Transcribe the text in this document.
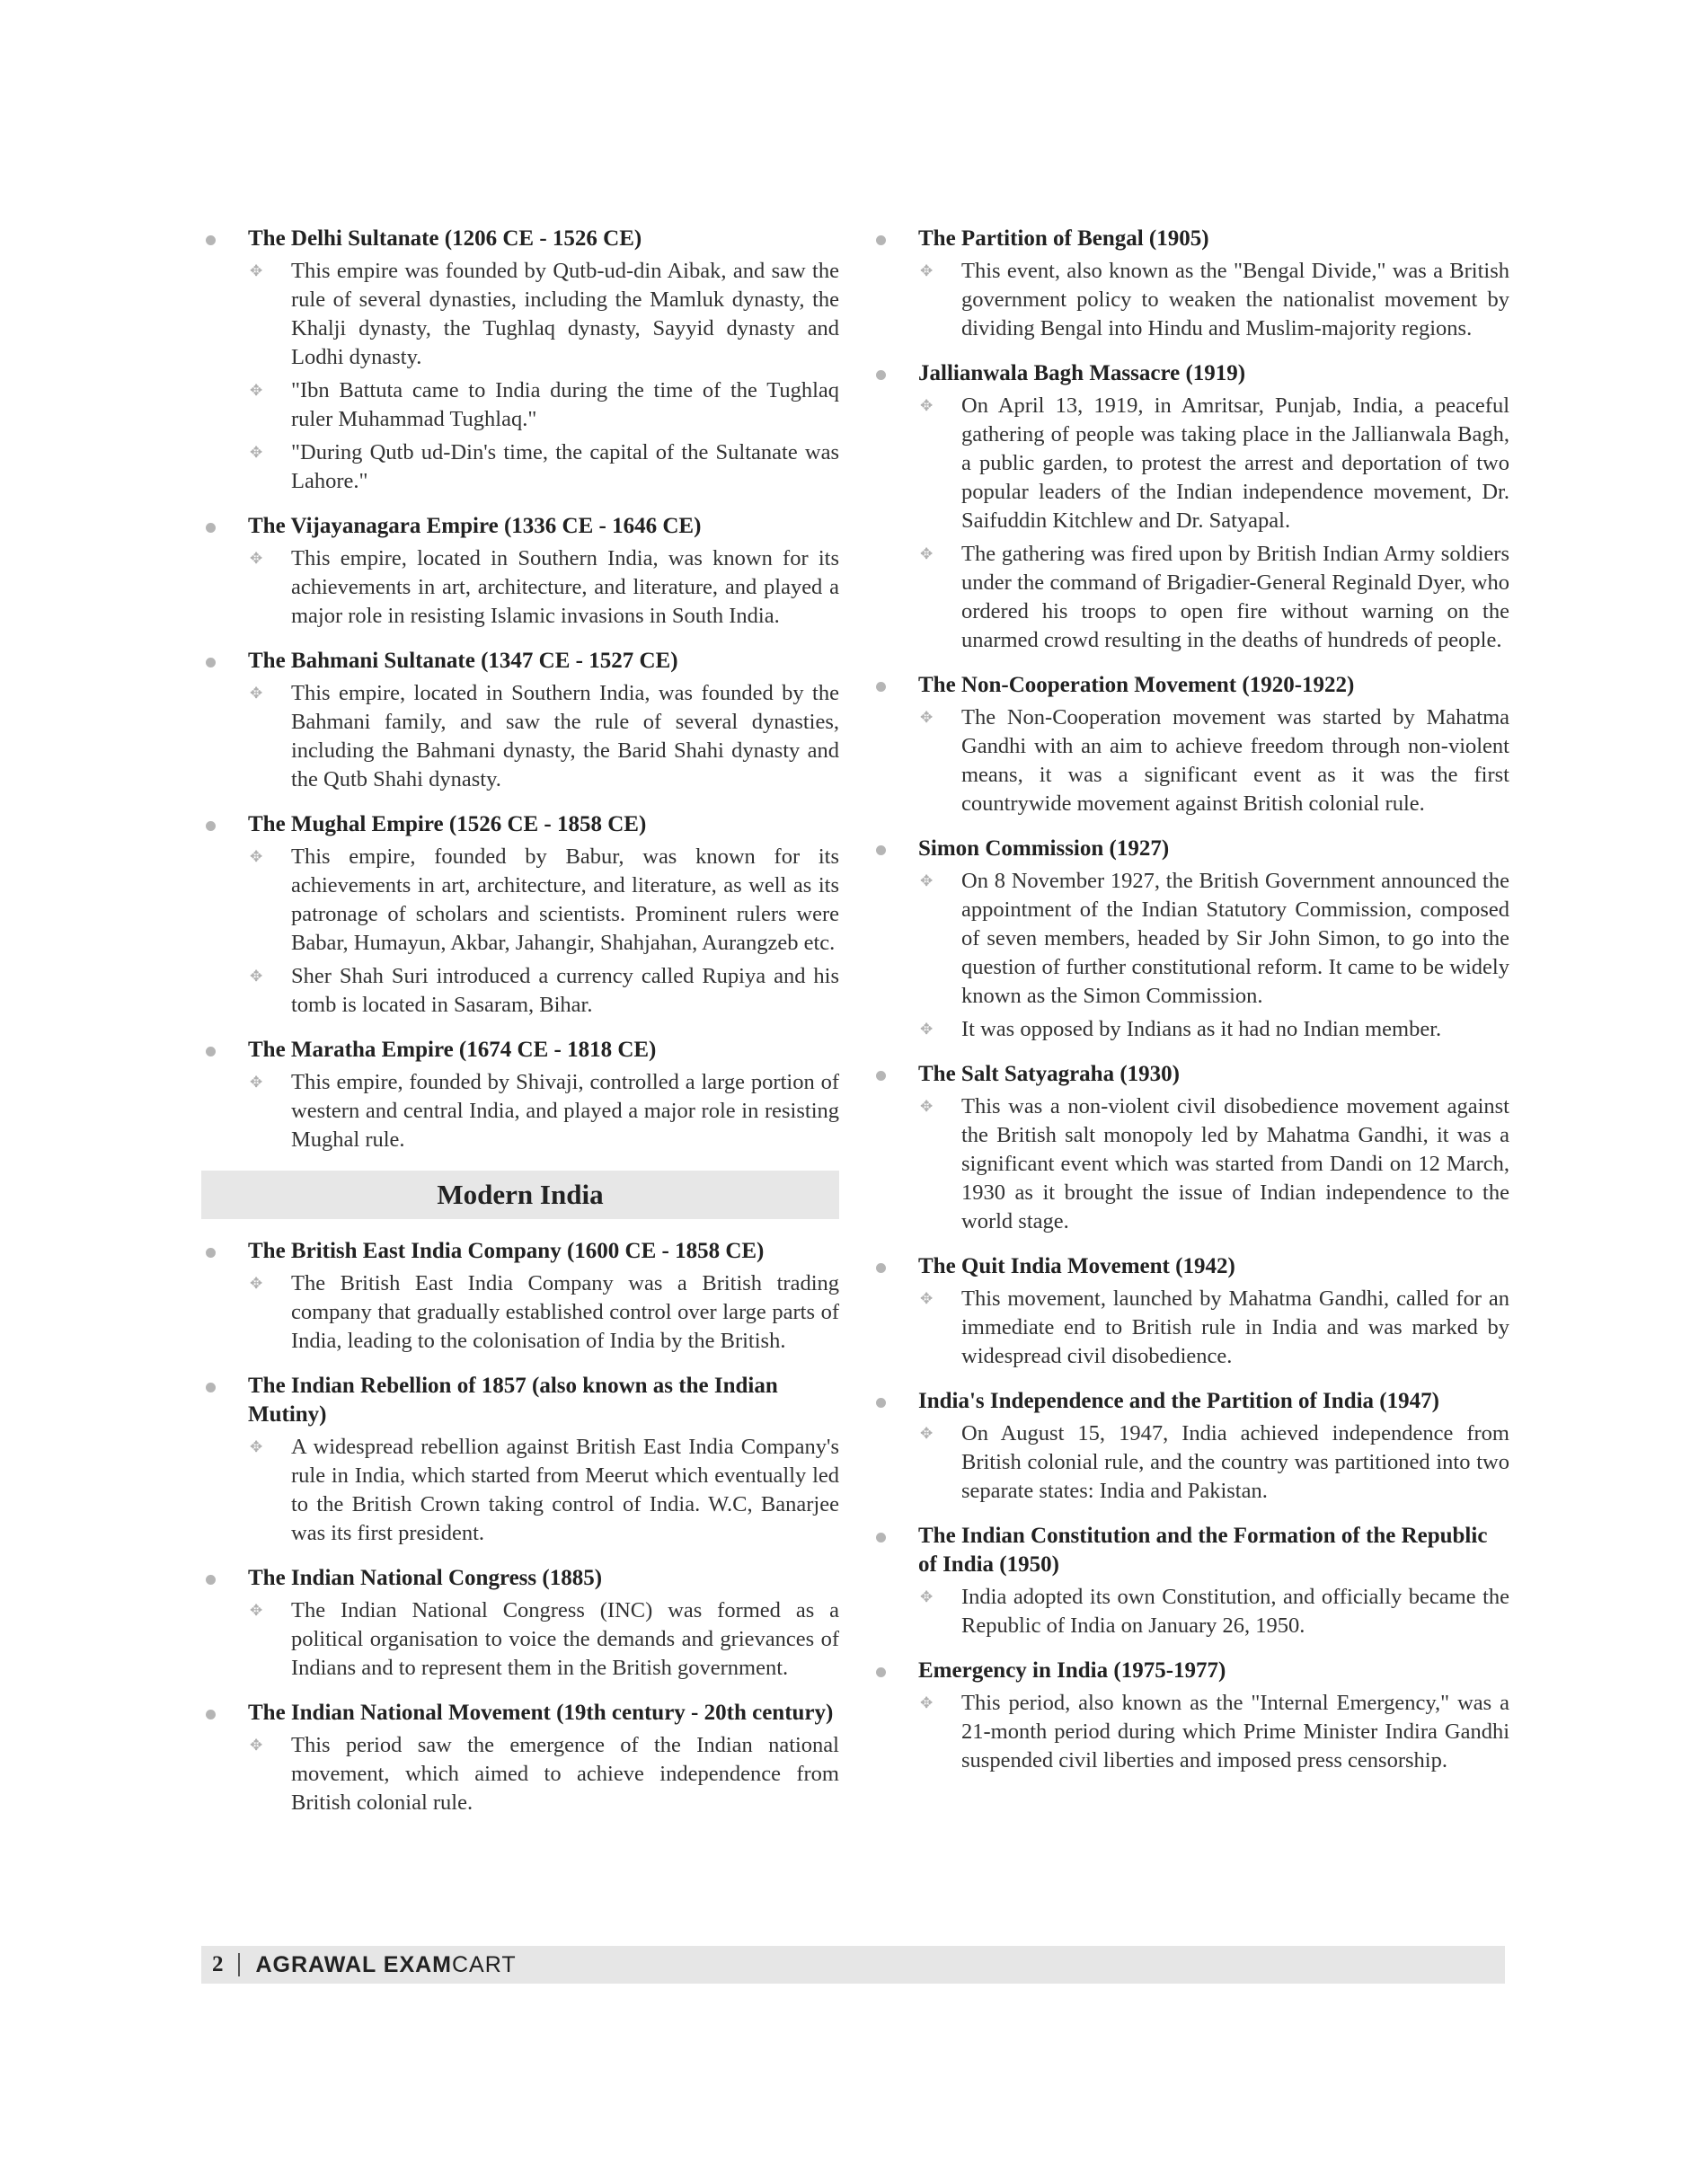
The Delhi Sultanate (1206 CE - 1526 CE)
✥ This empire was founded by Qutb-ud-din Aibak, and saw the rule of several dynasties, including the Mamluk dynasty, the Khalji dynasty, the Tughlaq dynasty, Sayyid dynasty and Lodhi dynasty.
✥ "Ibn Battuta came to India during the time of the Tughlaq ruler Muhammad Tughlaq."
✥ "During Qutb ud-Din's time, the capital of the Sultanate was Lahore."
The Vijayanagara Empire (1336 CE - 1646 CE)
✥ This empire, located in Southern India, was known for its achievements in art, architecture, and literature, and played a major role in resisting Islamic invasions in South India.
The Bahmani Sultanate (1347 CE - 1527 CE)
✥ This empire, located in Southern India, was founded by the Bahmani family, and saw the rule of several dynasties, including the Bahmani dynasty, the Barid Shahi dynasty and the Qutb Shahi dynasty.
The Mughal Empire (1526 CE - 1858 CE)
✥ This empire, founded by Babur, was known for its achievements in art, architecture, and literature, as well as its patronage of scholars and scientists. Prominent rulers were Babar, Humayun, Akbar, Jahangir, Shahjahan, Aurangzeb etc.
✥ Sher Shah Suri introduced a currency called Rupiya and his tomb is located in Sasaram, Bihar.
The Maratha Empire (1674 CE - 1818 CE)
✥ This empire, founded by Shivaji, controlled a large portion of western and central India, and played a major role in resisting Mughal rule.
Modern India
The British East India Company (1600 CE - 1858 CE)
✥ The British East India Company was a British trading company that gradually established control over large parts of India, leading to the colonisation of India by the British.
The Indian Rebellion of 1857 (also known as the Indian Mutiny)
✥ A widespread rebellion against British East India Company's rule in India, which started from Meerut which eventually led to the British Crown taking control of India. W.C, Banarjee was its first president.
The Indian National Congress (1885)
✥ The Indian National Congress (INC) was formed as a political organisation to voice the demands and grievances of Indians and to represent them in the British government.
The Indian National Movement (19th century - 20th century)
✥ This period saw the emergence of the Indian national movement, which aimed to achieve independence from British colonial rule.
The Partition of Bengal (1905)
✥ This event, also known as the "Bengal Divide," was a British government policy to weaken the nationalist movement by dividing Bengal into Hindu and Muslim-majority regions.
Jallianwala Bagh Massacre (1919)
✥ On April 13, 1919, in Amritsar, Punjab, India, a peaceful gathering of people was taking place in the Jallianwala Bagh, a public garden, to protest the arrest and deportation of two popular leaders of the Indian independence movement, Dr. Saifuddin Kitchlew and Dr. Satyapal.
✥ The gathering was fired upon by British Indian Army soldiers under the command of Brigadier-General Reginald Dyer, who ordered his troops to open fire without warning on the unarmed crowd resulting in the deaths of hundreds of people.
The Non-Cooperation Movement (1920-1922)
✥ The Non-Cooperation movement was started by Mahatma Gandhi with an aim to achieve freedom through non-violent means, it was a significant event as it was the first countrywide movement against British colonial rule.
Simon Commission (1927)
✥ On 8 November 1927, the British Government announced the appointment of the Indian Statutory Commission, composed of seven members, headed by Sir John Simon, to go into the question of further constitutional reform. It came to be widely known as the Simon Commission.
✥ It was opposed by Indians as it had no Indian member.
The Salt Satyagraha (1930)
✥ This was a non-violent civil disobedience movement against the British salt monopoly led by Mahatma Gandhi, it was a significant event which was started from Dandi on 12 March, 1930 as it brought the issue of Indian independence to the world stage.
The Quit India Movement (1942)
✥ This movement, launched by Mahatma Gandhi, called for an immediate end to British rule in India and was marked by widespread civil disobedience.
India's Independence and the Partition of India (1947)
✥ On August 15, 1947, India achieved independence from British colonial rule, and the country was partitioned into two separate states: India and Pakistan.
The Indian Constitution and the Formation of the Republic of India (1950)
✥ India adopted its own Constitution, and officially became the Republic of India on January 26, 1950.
Emergency in India (1975-1977)
✥ This period, also known as the "Internal Emergency," was a 21-month period during which Prime Minister Indira Gandhi suspended civil liberties and imposed press censorship.
2 AGRAWAL EXAMCART
